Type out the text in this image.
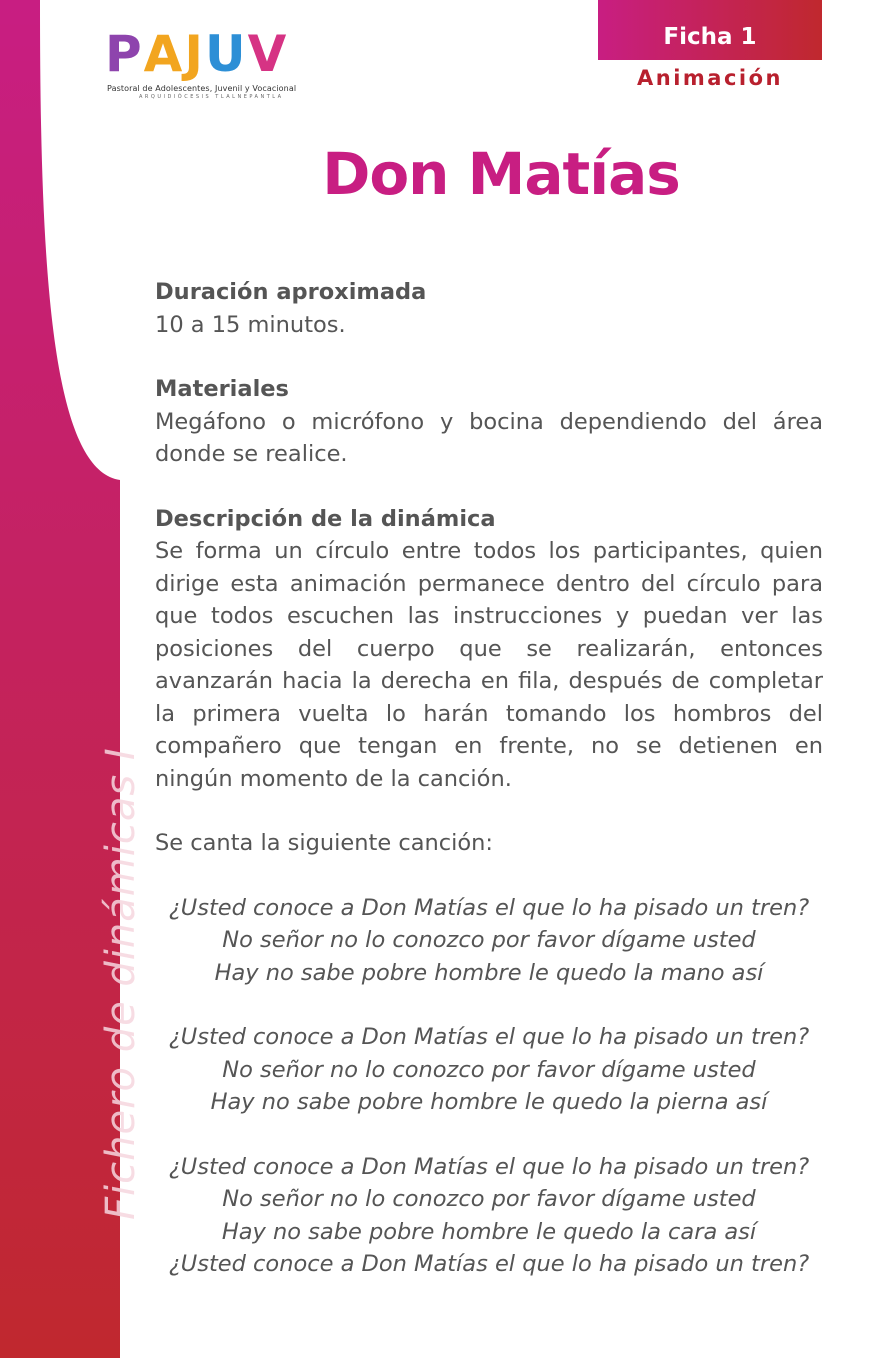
Fichero de dinámicas I
P A J U V
Pastoral de Adolescentes, Juvenil y Vocacional
ARQUIDIÓCESIS TLALNEPANTLA
Ficha 1
Animación
Don Matías
Duración aproximada

10 a 15 minutos.

Materiales

Megáfono o micrófono y bocina dependiendo del área donde se realice.

Descripción de la dinámica

Se forma un círculo entre todos los participantes, quien dirige esta animación permanece dentro del círculo para que todos escuchen las instrucciones y puedan ver las posiciones del cuerpo que se realizarán, entonces avanzarán hacia la derecha en fila, después de completar la primera vuelta lo harán tomando los hombros del compañero que tengan en frente, no se detienen en ningún momento de la canción.

Se canta la siguiente canción:

¿Usted conoce a Don Matías el que lo ha pisado un tren?

No señor no lo conozco por favor dígame usted

Hay no sabe pobre hombre le quedo la mano así

¿Usted conoce a Don Matías el que lo ha pisado un tren?

No señor no lo conozco por favor dígame usted

Hay no sabe pobre hombre le quedo la pierna así

¿Usted conoce a Don Matías el que lo ha pisado un tren?

No señor no lo conozco por favor dígame usted

Hay no sabe pobre hombre le quedo la cara así

¿Usted conoce a Don Matías el que lo ha pisado un tren?
